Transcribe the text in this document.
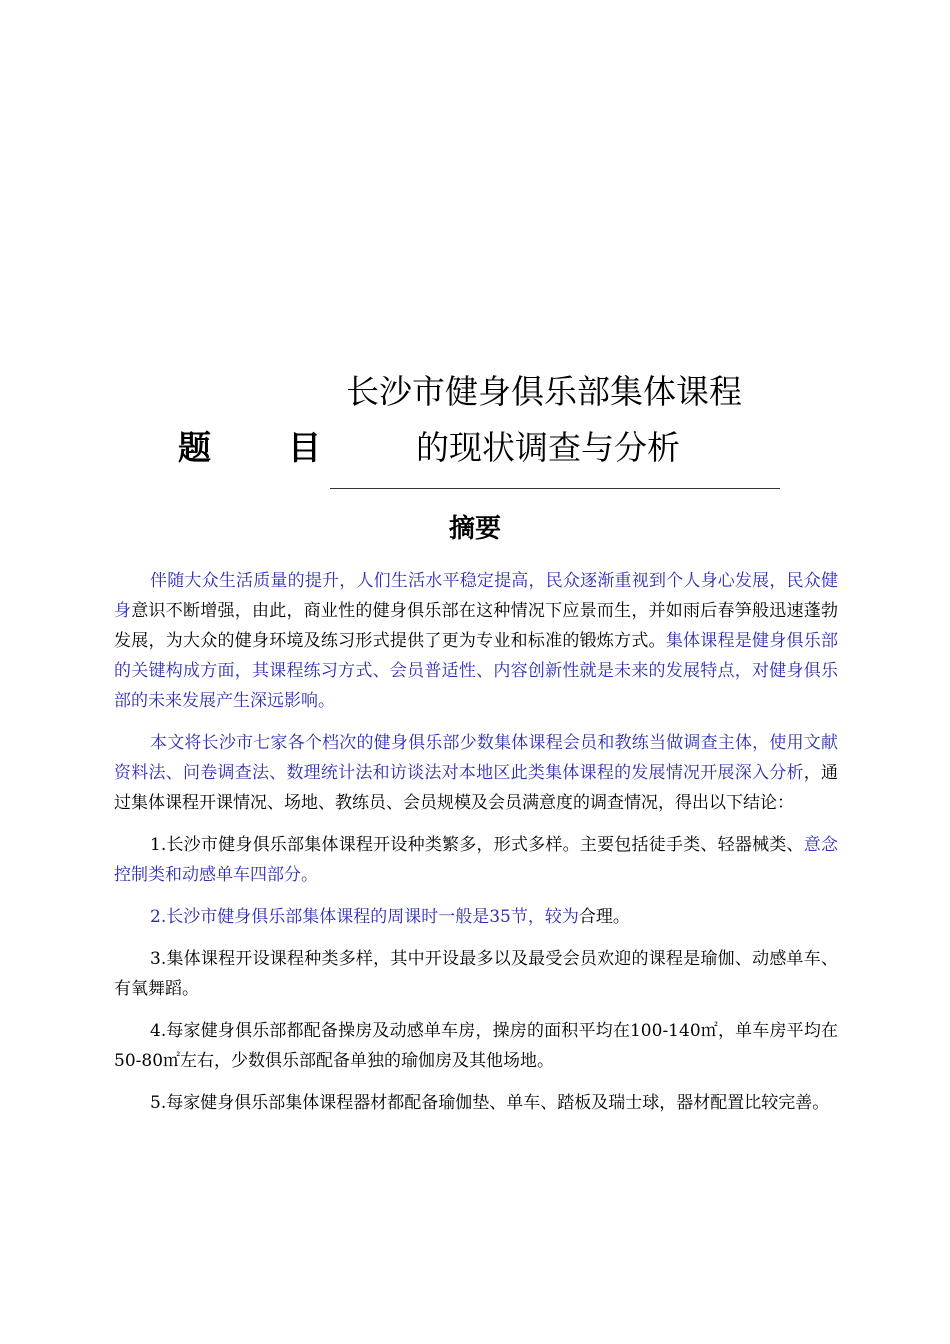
题 目
长沙市健身俱乐部集体课程
的现状调查与分析
摘要

伴随大众生活质量的提升，人们生活水平稳定提高，民众逐渐重视到个人身心发展，民众健身意识不断增强，由此，商业性的健身俱乐部在这种情况下应景而生，并如雨后春笋般迅速蓬勃发展，为大众的健身环境及练习形式提供了更为专业和标准的锻炼方式。集体课程是健身俱乐部的关键构成方面，其课程练习方式、会员普适性、内容创新性就是未来的发展特点，对健身俱乐部的未来发展产生深远影响。

本文将长沙市七家各个档次的健身俱乐部少数集体课程会员和教练当做调查主体，使用文献资料法、问卷调查法、数理统计法和访谈法对本地区此类集体课程的发展情况开展深入分析，通过集体课程开课情况、场地、教练员、会员规模及会员满意度的调查情况，得出以下结论：

1.长沙市健身俱乐部集体课程开设种类繁多，形式多样。主要包括徒手类、轻器械类、意念控制类和动感单车四部分。

2.长沙市健身俱乐部集体课程的周课时一般是35节，较为合理。

3.集体课程开设课程种类多样，其中开设最多以及最受会员欢迎的课程是瑜伽、动感单车、有氧舞蹈。

4.每家健身俱乐部都配备操房及动感单车房，操房的面积平均在100-140㎡，单车房平均在50-80㎡左右，少数俱乐部配备单独的瑜伽房及其他场地。

5.每家健身俱乐部集体课程器材都配备瑜伽垫、单车、踏板及瑞士球，器材配置比较完善。
